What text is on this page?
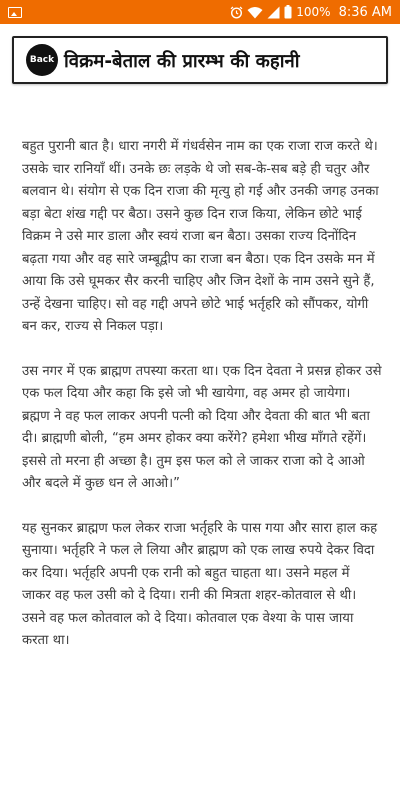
100% 8:36 AM
Back विक्रम-बेताल की प्रारम्भ की कहानी

बहुत पुरानी बात है। धारा नगरी में गंधर्वसेन नाम का एक राजा राज करते थे। उसके चार रानियाँ थीं। उनके छः लड़के थे जो सब-के-सब बड़े ही चतुर और बलवान थे। संयोग से एक दिन राजा की मृत्यु हो गई और उनकी जगह उनका बड़ा बेटा शंख गद्दी पर बैठा। उसने कुछ दिन राज किया, लेकिन छोटे भाई विक्रम ने उसे मार डाला और स्वयं राजा बन बैठा। उसका राज्य दिनोंदिन बढ़ता गया और वह सारे जम्बूद्वीप का राजा बन बैठा। एक दिन उसके मन में आया कि उसे घूमकर सैर करनी चाहिए और जिन देशों के नाम उसने सुने हैं, उन्हें देखना चाहिए। सो वह गद्दी अपने छोटे भाई भर्तृहरि को सौंपकर, योगी बन कर, राज्य से निकल पड़ा।

उस नगर में एक ब्राह्मण तपस्या करता था। एक दिन देवता ने प्रसन्न होकर उसे एक फल दिया और कहा कि इसे जो भी खायेगा, वह अमर हो जायेगा। ब्रह्मण ने वह फल लाकर अपनी पत्नी को दिया और देवता की बात भी बता दी। ब्राह्मणी बोली, “हम अमर होकर क्या करेंगे? हमेशा भीख माँगते रहेंगें। इससे तो मरना ही अच्छा है। तुम इस फल को ले जाकर राजा को दे आओ और बदले में कुछ धन ले आओ।”

यह सुनकर ब्राह्मण फल लेकर राजा भर्तृहरि के पास गया और सारा हाल कह सुनाया। भर्तृहरि ने फल ले लिया और ब्राह्मण को एक लाख रुपये देकर विदा कर दिया। भर्तृहरि अपनी एक रानी को बहुत चाहता था। उसने महल में जाकर वह फल उसी को दे दिया। रानी की मित्रता शहर-कोतवाल से थी। उसने वह फल कोतवाल को दे दिया। कोतवाल एक वेश्या के पास जाया करता था।
